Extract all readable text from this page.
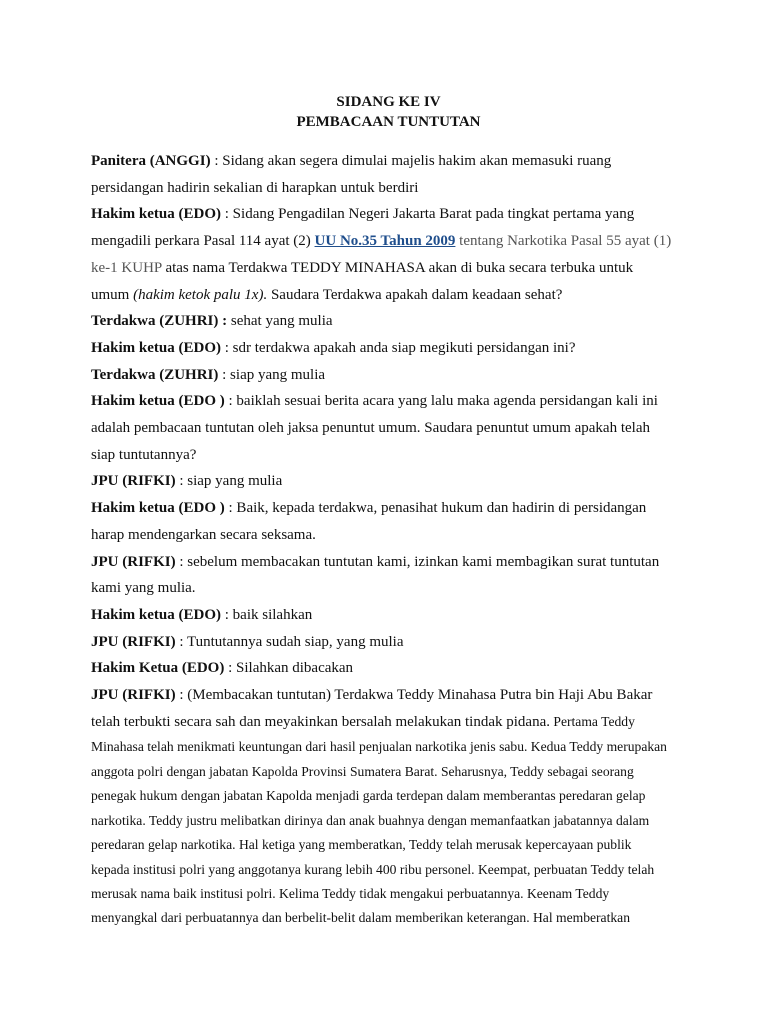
SIDANG KE IV

PEMBACAAN TUNTUTAN

Panitera (ANGGI) : Sidang akan segera dimulai majelis hakim akan memasuki ruang

persidangan hadirin sekalian di harapkan untuk berdiri

Hakim ketua (EDO) : Sidang Pengadilan Negeri Jakarta Barat pada tingkat pertama yang

mengadili perkara Pasal 114 ayat (2) UU No.35 Tahun 2009 tentang Narkotika Pasal 55 ayat (1)

ke-1 KUHP atas nama Terdakwa TEDDY MINAHASA akan di buka secara terbuka untuk

umum (hakim ketok palu 1x). Saudara Terdakwa apakah dalam keadaan sehat?

Terdakwa (ZUHRI) : sehat yang mulia

Hakim ketua (EDO) : sdr terdakwa apakah anda siap megikuti persidangan ini?

Terdakwa (ZUHRI) : siap yang mulia

Hakim ketua (EDO ) : baiklah sesuai berita acara yang lalu maka agenda persidangan kali ini

adalah pembacaan tuntutan oleh jaksa penuntut umum. Saudara penuntut umum apakah telah

siap tuntutannya?

JPU (RIFKI) : siap yang mulia

Hakim ketua (EDO ) : Baik, kepada terdakwa, penasihat hukum dan hadirin di persidangan

harap mendengarkan secara seksama.

JPU (RIFKI) : sebelum membacakan tuntutan kami, izinkan kami membagikan surat tuntutan

kami yang mulia.

Hakim ketua (EDO) : baik silahkan

JPU (RIFKI) : Tuntutannya sudah siap, yang mulia

Hakim Ketua (EDO) : Silahkan dibacakan

JPU (RIFKI) : (Membacakan tuntutan) Terdakwa Teddy Minahasa Putra bin Haji Abu Bakar

telah terbukti secara sah dan meyakinkan bersalah melakukan tindak pidana. Pertama Teddy

Minahasa telah menikmati keuntungan dari hasil penjualan narkotika jenis sabu. Kedua Teddy merupakan

anggota polri dengan jabatan Kapolda Provinsi Sumatera Barat. Seharusnya, Teddy sebagai seorang

penegak hukum dengan jabatan Kapolda menjadi garda terdepan dalam memberantas peredaran gelap

narkotika. Teddy justru melibatkan dirinya dan anak buahnya dengan memanfaatkan jabatannya dalam

peredaran gelap narkotika. Hal ketiga yang memberatkan, Teddy telah merusak kepercayaan publik

kepada institusi polri yang anggotanya kurang lebih 400 ribu personel. Keempat, perbuatan Teddy telah

merusak nama baik institusi polri. Kelima Teddy tidak mengakui perbuatannya. Keenam Teddy

menyangkal dari perbuatannya dan berbelit-belit dalam memberikan keterangan. Hal memberatkan
